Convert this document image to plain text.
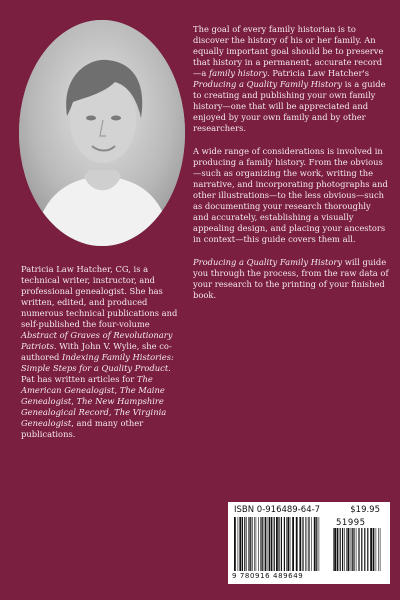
Patricia Law Hatcher, CG, is a technical writer, instructor, and professional genealogist. She has written, edited, and produced numerous technical publications and self-published the four-volume Abstract of Graves of Revolutionary Patriots. With John V. Wylie, she co-authored Indexing Family Histories: Simple Steps for a Quality Product. Pat has written articles for The American Genealogist, The Maine Genealogist, The New Hampshire Genealogical Record, The Virginia Genealogist, and many other publications.

The goal of every family historian is to discover the history of his or her family. An equally important goal should be to preserve that history in a permanent, accurate record—a family history. Patricia Law Hatcher's Producing a Quality Family History is a guide to creating and publishing your own family history—one that will be appreciated and enjoyed by your own family and by other researchers.

A wide range of considerations is involved in producing a family history. From the obvious—such as organizing the work, writing the narrative, and incorporating photographs and other illustrations—to the less obvious—such as documenting your research thoroughly and accurately, establishing a visually appealing design, and placing your ancestors in context—this guide covers them all.

Producing a Quality Family History will guide you through the process, from the raw data of your research to the printing of your finished book.

ISBN 0-916489-64-7	$19.95
51995
9 780916 489649
